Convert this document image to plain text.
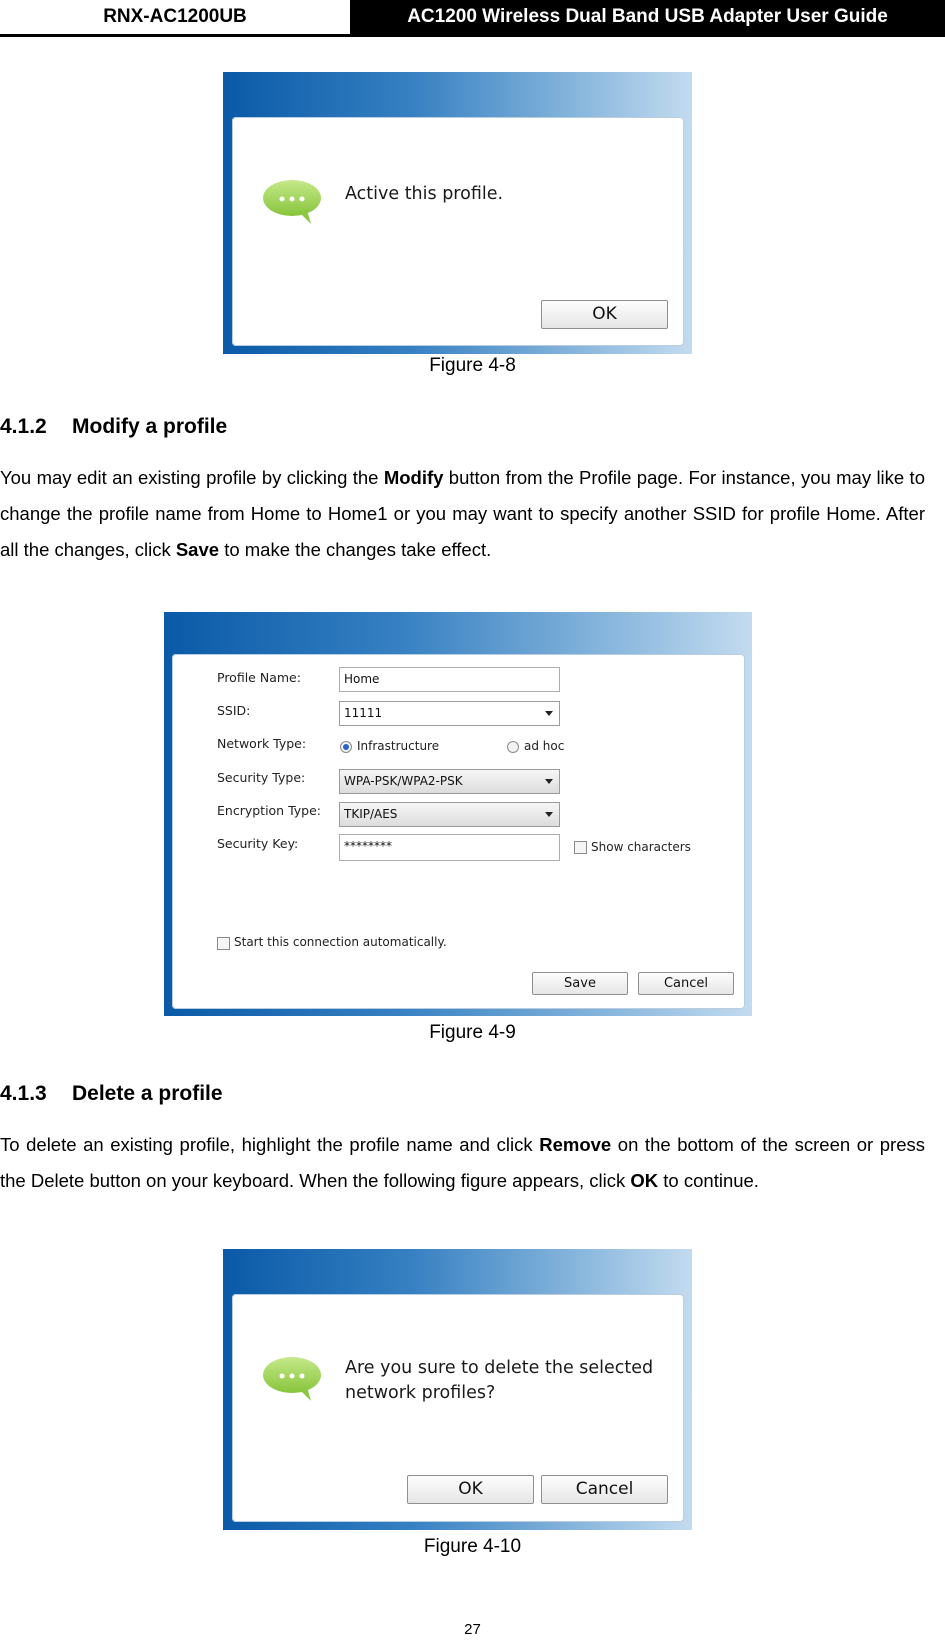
RNX-AC1200UB	AC1200 Wireless Dual Band USB Adapter User Guide
Active this profile.
OK
Figure 4-8
4.1.2 Modify a profile
You may edit an existing profile by clicking the Modify button from the Profile page. For instance, you may like to change the profile name from Home to Home1 or you may want to specify another SSID for profile Home. After all the changes, click Save to make the changes take effect.
Profile Name:	Home
SSID:	11111
Network Type:	Infrastructure	ad hoc
Security Type:	WPA-PSK/WPA2-PSK
Encryption Type:	TKIP/AES
Security Key:	********	Show characters
Start this connection automatically.
Save	Cancel
Figure 4-9
4.1.3 Delete a profile
To delete an existing profile, highlight the profile name and click Remove on the bottom of the screen or press the Delete button on your keyboard. When the following figure appears, click OK to continue.
Are you sure to delete the selected
network profiles?
OK	Cancel
Figure 4-10
27
